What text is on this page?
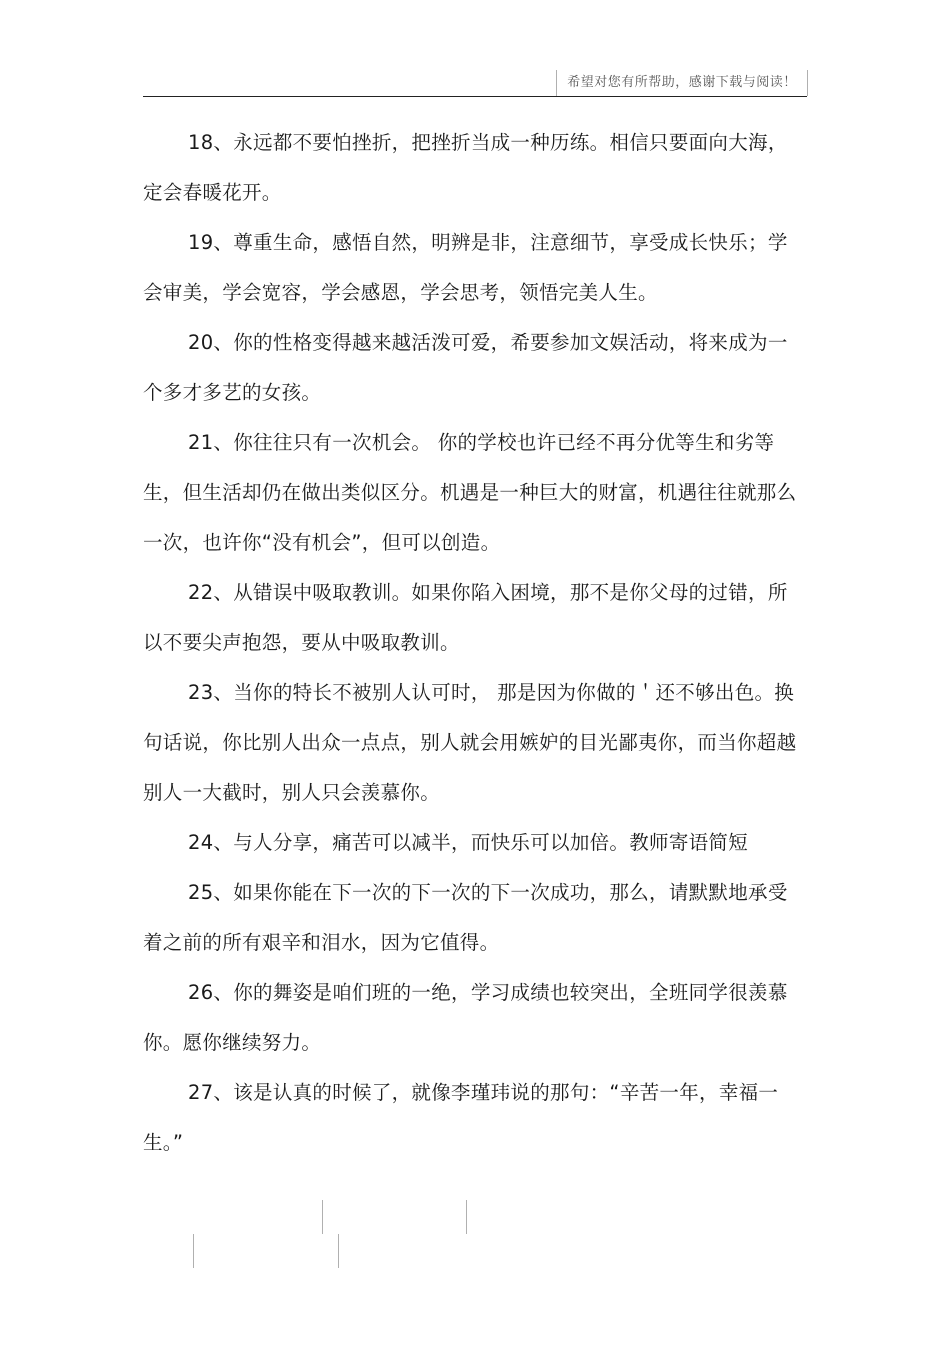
希望对您有所帮助，感谢下载与阅读！

18、永远都不要怕挫折，把挫折当成一种历练。相信只要面向大海，定会春暖花开。

19、尊重生命，感悟自然，明辨是非，注意细节，享受成长快乐；学会审美，学会宽容，学会感恩，学会思考，领悟完美人生。

20、你的性格变得越来越活泼可爱，希要参加文娱活动，将来成为一个多才多艺的女孩。

21、你往往只有一次机会。 你的学校也许已经不再分优等生和劣等生，但生活却仍在做出类似区分。机遇是一种巨大的财富，机遇往往就那么一次，也许你“没有机会”，但可以创造。

22、从错误中吸取教训。如果你陷入困境，那不是你父母的过错，所以不要尖声抱怨，要从中吸取教训。

23、当你的特长不被别人认可时， 那是因为你做的＇还不够出色。换句话说，你比别人出众一点点，别人就会用嫉妒的目光鄙夷你，而当你超越别人一大截时，别人只会羡慕你。

24、与人分享，痛苦可以减半，而快乐可以加倍。教师寄语简短

25、如果你能在下一次的下一次的下一次成功，那么，请默默地承受着之前的所有艰辛和泪水，因为它值得。

26、你的舞姿是咱们班的一绝，学习成绩也较突出，全班同学很羡慕你。愿你继续努力。

27、该是认真的时候了，就像李瑾玮说的那句：“辛苦一年，幸福一生。”
